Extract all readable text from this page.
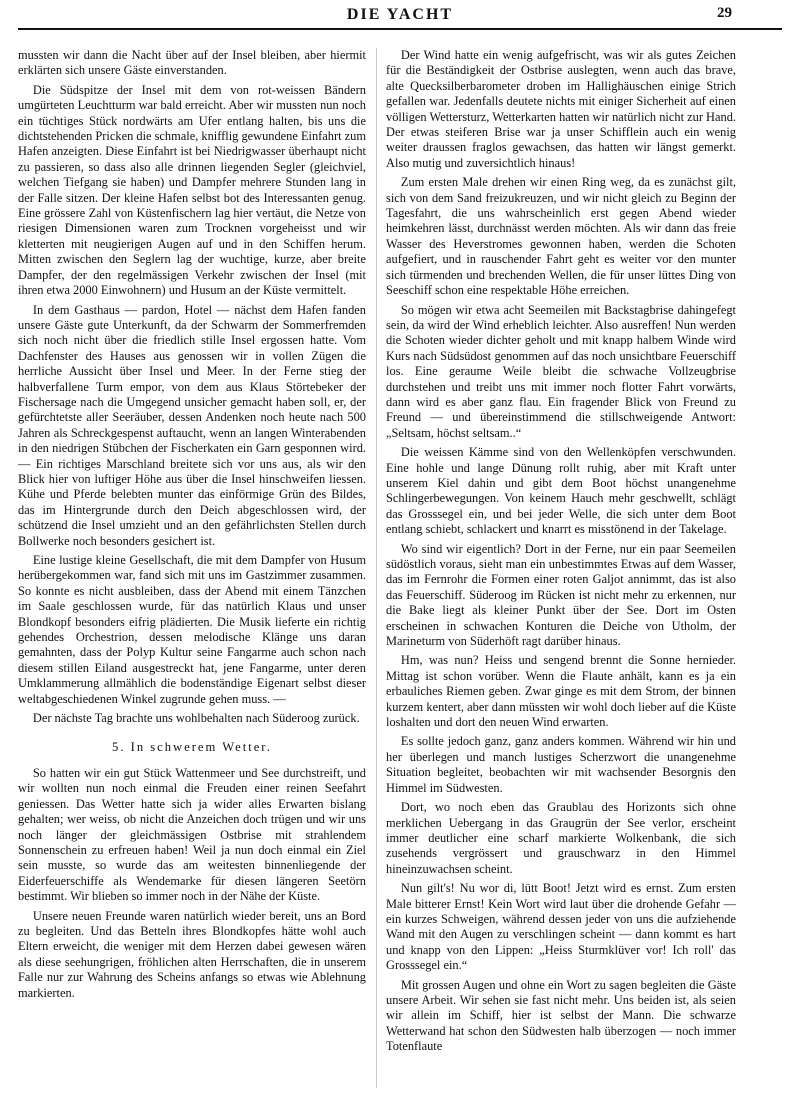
DIE YACHT	29

mussten wir dann die Nacht über auf der Insel bleiben, aber hiermit erklärten sich unsere Gäste einverstanden.

Die Südspitze der Insel mit dem von rot-weissen Bändern umgürteten Leuchtturm war bald erreicht. Aber wir mussten nun noch ein tüchtiges Stück nordwärts am Ufer entlang halten, bis uns die dichtstehenden Pricken die schmale, knifflig gewundene Einfahrt zum Hafen anzeigten. Diese Einfahrt ist bei Niedrigwasser überhaupt nicht zu passieren, so dass also alle drinnen liegenden Segler (gleichviel, welchen Tiefgang sie haben) und Dampfer mehrere Stunden lang in der Falle sitzen. Der kleine Hafen selbst bot des Interessanten genug. Eine grössere Zahl von Küstenfischern lag hier vertäut, die Netze von riesigen Dimensionen waren zum Trocknen vorgeheisst und wir kletterten mit neugierigen Augen auf und in den Schiffen herum. Mitten zwischen den Seglern lag der wuchtige, kurze, aber breite Dampfer, der den regelmässigen Verkehr zwischen der Insel (mit ihren etwa 2000 Einwohnern) und Husum an der Küste vermittelt.

In dem Gasthaus — pardon, Hotel — nächst dem Hafen fanden unsere Gäste gute Unterkunft, da der Schwarm der Sommerfremden sich noch nicht über die friedlich stille Insel ergossen hatte. Vom Dachfenster des Hauses aus genossen wir in vollen Zügen die herrliche Aussicht über Insel und Meer. In der Ferne stieg der halbverfallene Turm empor, von dem aus Klaus Störtebeker der Fischersage nach die Umgegend unsicher gemacht haben soll, er, der gefürchtetste aller Seeräuber, dessen Andenken noch heute nach 500 Jahren als Schreckgespenst auftaucht, wenn an langen Winterabenden in den niedrigen Stübchen der Fischerkaten ein Garn gesponnen wird. — Ein richtiges Marschland breitete sich vor uns aus, als wir den Blick hier von luftiger Höhe aus über die Insel hinschweifen liessen. Kühe und Pferde belebten munter das einförmige Grün des Bildes, das im Hintergrunde durch den Deich abgeschlossen wird, der schützend die Insel umzieht und an den gefährlichsten Stellen durch Bollwerke noch besonders gesichert ist.

Eine lustige kleine Gesellschaft, die mit dem Dampfer von Husum herübergekommen war, fand sich mit uns im Gastzimmer zusammen. So konnte es nicht ausbleiben, dass der Abend mit einem Tänzchen im Saale geschlossen wurde, für das natürlich Klaus und unser Blondkopf besonders eifrig plädierten. Die Musik lieferte ein richtig gehendes Orchestrion, dessen melodische Klänge uns daran gemahnten, dass der Polyp Kultur seine Fangarme auch schon nach diesem stillen Eiland ausgestreckt hat, jene Fangarme, unter deren Umklammerung allmählich die bodenständige Eigenart selbst dieser weltabgeschiedenen Winkel zugrunde gehen muss. —

Der nächste Tag brachte uns wohlbehalten nach Süderoog zurück.

5. In schwerem Wetter.

So hatten wir ein gut Stück Wattenmeer und See durchstreift, und wir wollten nun noch einmal die Freuden einer reinen Seefahrt geniessen. Das Wetter hatte sich ja wider alles Erwarten bislang gehalten; wer weiss, ob nicht die Anzeichen doch trügen und wir uns noch länger der gleichmässigen Ostbrise mit strahlendem Sonnenschein zu erfreuen haben! Weil ja nun doch einmal ein Ziel sein musste, so wurde das am weitesten binnenliegende der Eiderfeuerschiffe als Wendemarke für diesen längeren Seetörn bestimmt. Wir blieben so immer noch in der Nähe der Küste.

Unsere neuen Freunde waren natürlich wieder bereit, uns an Bord zu begleiten. Und das Betteln ihres Blondkopfes hätte wohl auch Eltern erweicht, die weniger mit dem Herzen dabei gewesen wären als diese seehungrigen, fröhlichen alten Herrschaften, die in unserem Falle nur zur Wahrung des Scheins anfangs so etwas wie Ablehnung markierten.

Der Wind hatte ein wenig aufgefrischt, was wir als gutes Zeichen für die Beständigkeit der Ostbrise auslegten, wenn auch das brave, alte Quecksilberbarometer droben im Hallighäuschen einige Strich gefallen war. Jedenfalls deutete nichts mit einiger Sicherheit auf einen völligen Wettersturz, Wetterkarten hatten wir natürlich nicht zur Hand. Der etwas steiferen Brise war ja unser Schifflein auch ein wenig weiter draussen fraglos gewachsen, das hatten wir längst gemerkt. Also mutig und zuversichtlich hinaus!

Zum ersten Male drehen wir einen Ring weg, da es zunächst gilt, sich von dem Sand freizukreuzen, und wir nicht gleich zu Beginn der Tagesfahrt, die uns wahrscheinlich erst gegen Abend wieder heimkehren lässt, durchnässt werden möchten. Als wir dann das freie Wasser des Heverstromes gewonnen haben, werden die Schoten aufgefiert, und in rauschender Fahrt geht es weiter vor den munter sich türmenden und brechenden Wellen, die für unser lüttes Ding von Seeschiff schon eine respektable Höhe erreichen.

So mögen wir etwa acht Seemeilen mit Backstagbrise dahingefegt sein, da wird der Wind erheblich leichter. Also ausreffen! Nun werden die Schoten wieder dichter geholt und mit knapp halbem Winde wird Kurs nach Südsüdost genommen auf das noch unsichtbare Feuerschiff los. Eine geraume Weile bleibt die schwache Vollzeugbrise durchstehen und treibt uns mit immer noch flotter Fahrt vorwärts, dann wird es aber ganz flau. Ein fragender Blick von Freund zu Freund — und übereinstimmend die stillschweigende Antwort: „Seltsam, höchst seltsam..“

Die weissen Kämme sind von den Wellenköpfen verschwunden. Eine hohle und lange Dünung rollt ruhig, aber mit Kraft unter unserem Kiel dahin und gibt dem Boot höchst unangenehme Schlingerbewegungen. Von keinem Hauch mehr geschwellt, schlägt das Grosssegel ein, und bei jeder Welle, die sich unter dem Boot entlang schiebt, schlackert und knarrt es misstönend in der Takelage.

Wo sind wir eigentlich? Dort in der Ferne, nur ein paar Seemeilen südöstlich voraus, sieht man ein unbestimmtes Etwas auf dem Wasser, das im Fernrohr die Formen einer roten Galjot annimmt, das ist also das Feuerschiff. Süderoog im Rücken ist nicht mehr zu erkennen, nur die Bake liegt als kleiner Punkt über der See. Dort im Osten erscheinen in schwachen Konturen die Deiche von Utholm, der Marineturm von Süderhöft ragt darüber hinaus.

Hm, was nun? Heiss und sengend brennt die Sonne hernieder. Mittag ist schon vorüber. Wenn die Flaute anhält, kann es ja ein erbauliches Riemen geben. Zwar ginge es mit dem Strom, der binnen kurzem kentert, aber dann müssten wir wohl doch lieber auf die Küste loshalten und dort den neuen Wind erwarten.

Es sollte jedoch ganz, ganz anders kommen. Während wir hin und her überlegen und manch lustiges Scherzwort die unangenehme Situation begleitet, beobachten wir mit wachsender Besorgnis den Himmel im Südwesten.

Dort, wo noch eben das Graublau des Horizonts sich ohne merklichen Uebergang in das Graugrün der See verlor, erscheint immer deutlicher eine scharf markierte Wolkenbank, die sich zusehends vergrössert und grauschwarz in den Himmel hineinzuwachsen scheint.

Nun gilt's! Nu wor di, lütt Boot! Jetzt wird es ernst. Zum ersten Male bitterer Ernst! Kein Wort wird laut über die drohende Gefahr — ein kurzes Schweigen, während dessen jeder von uns die aufziehende Wand mit den Augen zu verschlingen scheint — dann kommt es hart und knapp von den Lippen: „Heiss Sturmklüver vor! Ich roll' das Grosssegel ein.“

Mit grossen Augen und ohne ein Wort zu sagen begleiten die Gäste unsere Arbeit. Wir sehen sie fast nicht mehr. Uns beiden ist, als seien wir allein im Schiff, hier ist selbst der Mann. Die schwarze Wetterwand hat schon den Südwesten halb überzogen — noch immer Totenflaute
